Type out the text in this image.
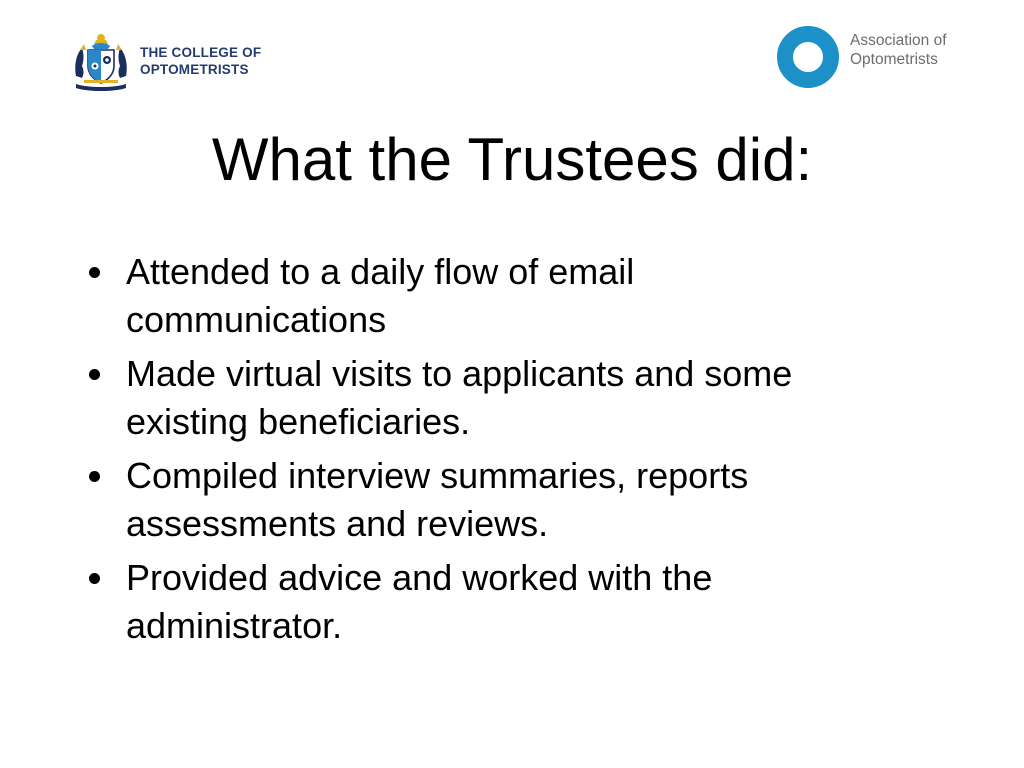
THE COLLEGE OF
OPTOMETRISTS
Association of
Optometrists
What the Trustees did:
Attended to a daily flow of email communications
Made virtual visits to applicants and some existing beneficiaries.
Compiled interview summaries, reports assessments and reviews.
Provided advice and worked with the administrator.
